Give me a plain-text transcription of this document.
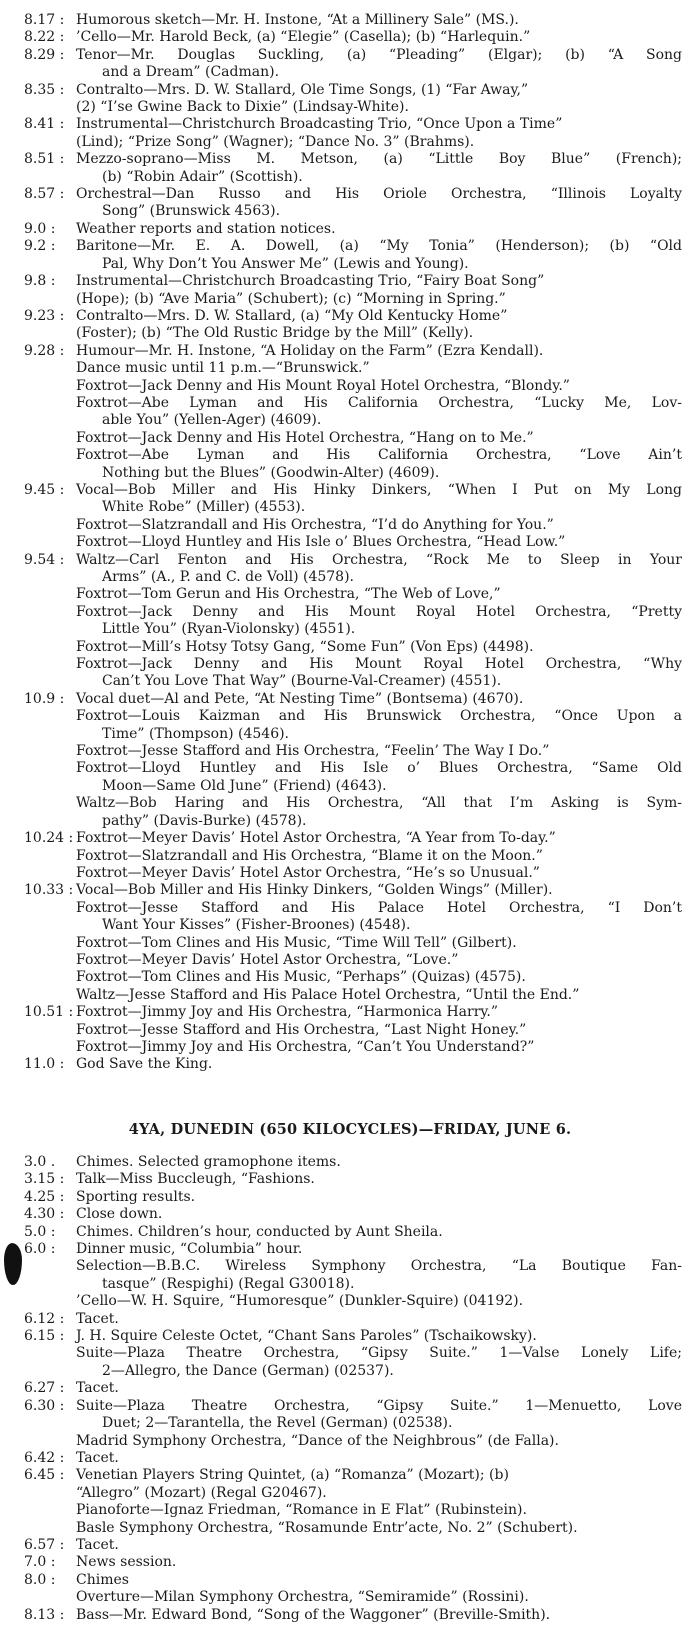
8.17 : Humorous sketch—Mr. H. Instone, “At a Millinery Sale” (MS.).
8.22 : ’Cello—Mr. Harold Beck, (a) “Elegie” (Casella); (b) “Harlequin.”
8.29 : Tenor—Mr. Douglas Suckling, (a) “Pleading” (Elgar); (b) “A Song
and a Dream” (Cadman).
8.35 : Contralto—Mrs. D. W. Stallard, Ole Time Songs, (1) “Far Away,”
(2) “I’se Gwine Back to Dixie” (Lindsay-White).
8.41 : Instrumental—Christchurch Broadcasting Trio, “Once Upon a Time”
(Lind); “Prize Song” (Wagner); “Dance No. 3” (Brahms).
8.51 : Mezzo-soprano—Miss M. Metson, (a) “Little Boy Blue” (French);
(b) “Robin Adair” (Scottish).
8.57 : Orchestral—Dan Russo and His Oriole Orchestra, “Illinois Loyalty
Song” (Brunswick 4563).
9.0 :	Weather reports and station notices.
9.2 :	Baritone—Mr. E. A. Dowell, (a) “My Tonia” (Henderson); (b) “Old
Pal, Why Don’t You Answer Me” (Lewis and Young).
9.8 :	Instrumental—Christchurch Broadcasting Trio, “Fairy Boat Song”
(Hope); (b) “Ave Maria” (Schubert); (c) “Morning in Spring.”
9.23 : Contralto—Mrs. D. W. Stallard, (a) “My Old Kentucky Home”
(Foster); (b) “The Old Rustic Bridge by the Mill” (Kelly).
9.28 : Humour—Mr. H. Instone, “A Holiday on the Farm” (Ezra Kendall).
Dance music until 11 p.m.—“Brunswick.”
Foxtrot—Jack Denny and His Mount Royal Hotel Orchestra, “Blondy.”
Foxtrot—Abe Lyman and His California Orchestra, “Lucky Me, Lov-
able You” (Yellen-Ager) (4609).
Foxtrot—Jack Denny and His Hotel Orchestra, “Hang on to Me.”
Foxtrot—Abe Lyman and His California Orchestra, “Love Ain’t
Nothing but the Blues” (Goodwin-Alter) (4609).
9.45 : Vocal—Bob Miller and His Hinky Dinkers, “When I Put on My Long
White Robe” (Miller) (4553).
Foxtrot—Slatzrandall and His Orchestra, “I’d do Anything for You.”
Foxtrot—Lloyd Huntley and His Isle o’ Blues Orchestra, “Head Low.”
9.54 : Waltz—Carl Fenton and His Orchestra, “Rock Me to Sleep in Your
Arms” (A., P. and C. de Voll) (4578).
Foxtrot—Tom Gerun and His Orchestra, “The Web of Love,”
Foxtrot—Jack Denny and His Mount Royal Hotel Orchestra, “Pretty
Little You” (Ryan-Violonsky) (4551).
Foxtrot—Mill’s Hotsy Totsy Gang, “Some Fun” (Von Eps) (4498).
Foxtrot—Jack Denny and His Mount Royal Hotel Orchestra, “Why
Can’t You Love That Way” (Bourne-Val-Creamer) (4551).
10.9 : Vocal duet—Al and Pete, “At Nesting Time” (Bontsema) (4670).
Foxtrot—Louis Kaizman and His Brunswick Orchestra, “Once Upon a
Time” (Thompson) (4546).
Foxtrot—Jesse Stafford and His Orchestra, “Feelin’ The Way I Do.”
Foxtrot—Lloyd Huntley and His Isle o’ Blues Orchestra, “Same Old
Moon—Same Old June” (Friend) (4643).
Waltz—Bob Haring and His Orchestra, “All that I’m Asking is Sym-
pathy” (Davis-Burke) (4578).
10.24 : Foxtrot—Meyer Davis’ Hotel Astor Orchestra, “A Year from To-day.”
Foxtrot—Slatzrandall and His Orchestra, “Blame it on the Moon.”
Foxtrot—Meyer Davis’ Hotel Astor Orchestra, “He’s so Unusual.”
10.33 : Vocal—Bob Miller and His Hinky Dinkers, “Golden Wings” (Miller).
Foxtrot—Jesse Stafford and His Palace Hotel Orchestra, “I Don’t
Want Your Kisses” (Fisher-Broones) (4548).
Foxtrot—Tom Clines and His Music, “Time Will Tell” (Gilbert).
Foxtrot—Meyer Davis’ Hotel Astor Orchestra, “Love.”
Foxtrot—Tom Clines and His Music, “Perhaps” (Quizas) (4575).
Waltz—Jesse Stafford and His Palace Hotel Orchestra, “Until the End.”
10.51 : Foxtrot—Jimmy Joy and His Orchestra, “Harmonica Harry.”
Foxtrot—Jesse Stafford and His Orchestra, “Last Night Honey.”
Foxtrot—Jimmy Joy and His Orchestra, “Can’t You Understand?”
11.0 : God Save the King.
4YA, DUNEDIN (650 KILOCYCLES)—FRIDAY, JUNE 6.
3.0 .	Chimes. Selected gramophone items.
3.15 : Talk—Miss Buccleugh, “Fashions.
4.25 : Sporting results.
4.30 : Close down.
5.0 :	Chimes. Children’s hour, conducted by Aunt Sheila.
6.0 :	Dinner music, “Columbia” hour.
Selection—B.B.C. Wireless Symphony Orchestra, “La Boutique Fan-
tasque” (Respighi) (Regal G30018).
’Cello—W. H. Squire, “Humoresque” (Dunkler-Squire) (04192).
6.12 : Tacet.
6.15 : J. H. Squire Celeste Octet, “Chant Sans Paroles” (Tschaikowsky).
Suite—Plaza Theatre Orchestra, “Gipsy Suite.” 1—Valse Lonely Life;
2—Allegro, the Dance (German) (02537).
6.27 : Tacet.
6.30 : Suite—Plaza Theatre Orchestra, “Gipsy Suite.” 1—Menuetto, Love
Duet; 2—Tarantella, the Revel (German) (02538).
Madrid Symphony Orchestra, “Dance of the Neighbrous” (de Falla).
6.42 : Tacet.
6.45 : Venetian Players String Quintet, (a) “Romanza” (Mozart); (b)
“Allegro” (Mozart) (Regal G20467).
Pianoforte—Ignaz Friedman, “Romance in E Flat” (Rubinstein).
Basle Symphony Orchestra, “Rosamunde Entr’acte, No. 2” (Schubert).
6.57 : Tacet.
7.0 :	News session.
8.0 :	Chimes
Overture—Milan Symphony Orchestra, “Semiramide” (Rossini).
8.13 : Bass—Mr. Edward Bond, “Song of the Waggoner” (Breville-Smith).
